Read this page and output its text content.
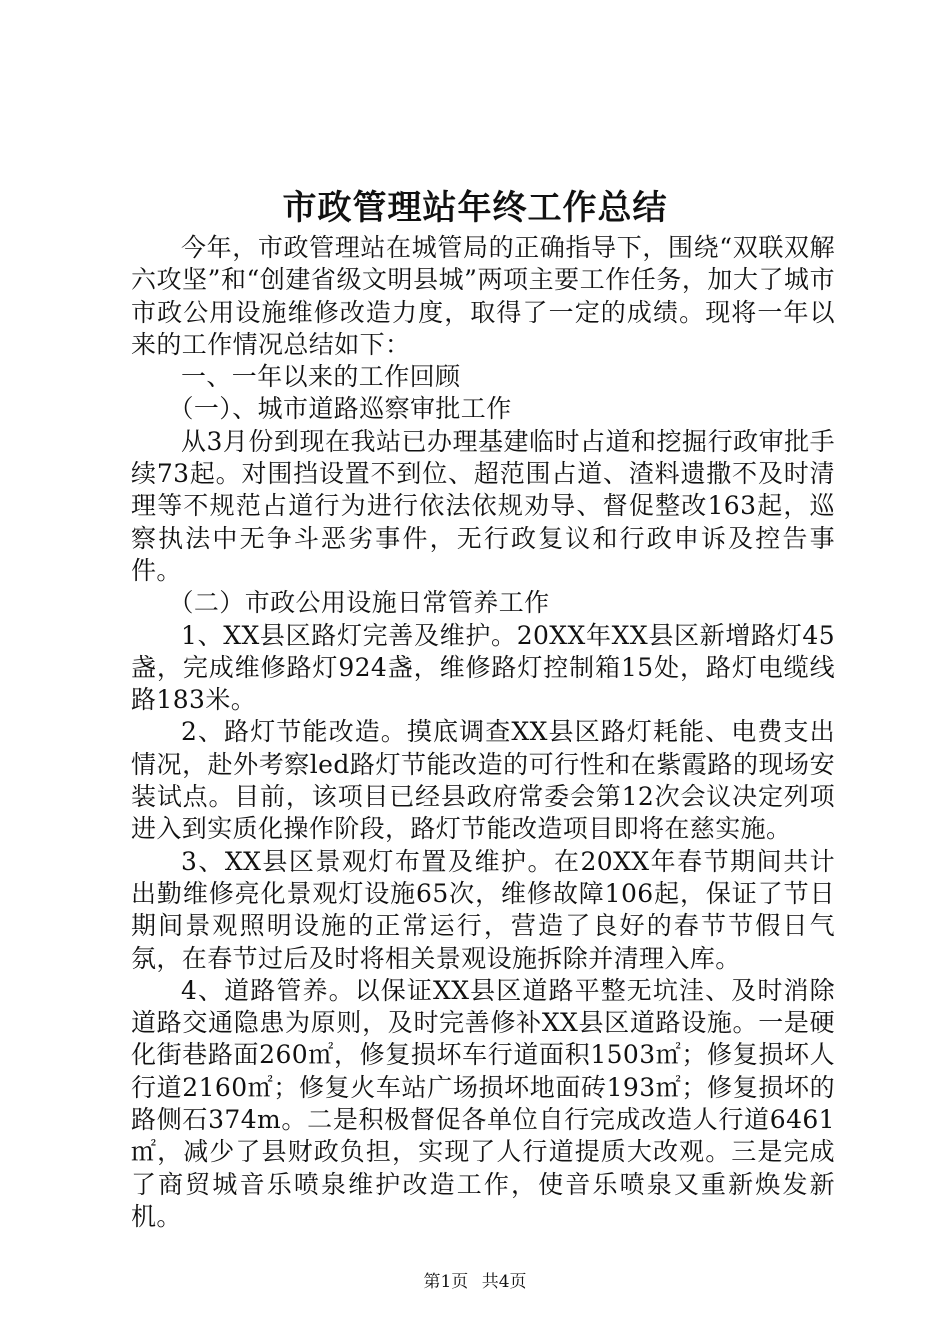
市政管理站年终工作总结

今年，市政管理站在城管局的正确指导下，围绕“双联双解六攻坚”和“创建省级文明县城”两项主要工作任务，加大了城市市政公用设施维修改造力度，取得了一定的成绩。现将一年以来的工作情况总结如下：

一、一年以来的工作回顾

（一）、城市道路巡察审批工作

从3月份到现在我站已办理基建临时占道和挖掘行政审批手续73起。对围挡设置不到位、超范围占道、渣料遗撒不及时清理等不规范占道行为进行依法依规劝导、督促整改163起，巡察执法中无争斗恶劣事件，无行政复议和行政申诉及控告事件。

（二）市政公用设施日常管养工作

1、XX县区路灯完善及维护。20XX年XX县区新增路灯45盏，完成维修路灯924盏，维修路灯控制箱15处，路灯电缆线路183米。

2、路灯节能改造。摸底调查XX县区路灯耗能、电费支出情况，赴外考察led路灯节能改造的可行性和在紫霞路的现场安装试点。目前，该项目已经县政府常委会第12次会议决定列项进入到实质化操作阶段，路灯节能改造项目即将在慈实施。

3、XX县区景观灯布置及维护。在20XX年春节期间共计出勤维修亮化景观灯设施65次，维修故障106起，保证了节日期间景观照明设施的正常运行，营造了良好的春节节假日气氛，在春节过后及时将相关景观设施拆除并清理入库。

4、道路管养。以保证XX县区道路平整无坑洼、及时消除道路交通隐患为原则，及时完善修补XX县区道路设施。一是硬化街巷路面260㎡，修复损坏车行道面积1503㎡；修复损坏人行道2160㎡；修复火车站广场损坏地面砖193㎡；修复损坏的路侧石374m。二是积极督促各单位自行完成改造人行道6461㎡，减少了县财政负担，实现了人行道提质大改观。三是完成了商贸城音乐喷泉维护改造工作，使音乐喷泉又重新焕发新机。

第1页 共4页
